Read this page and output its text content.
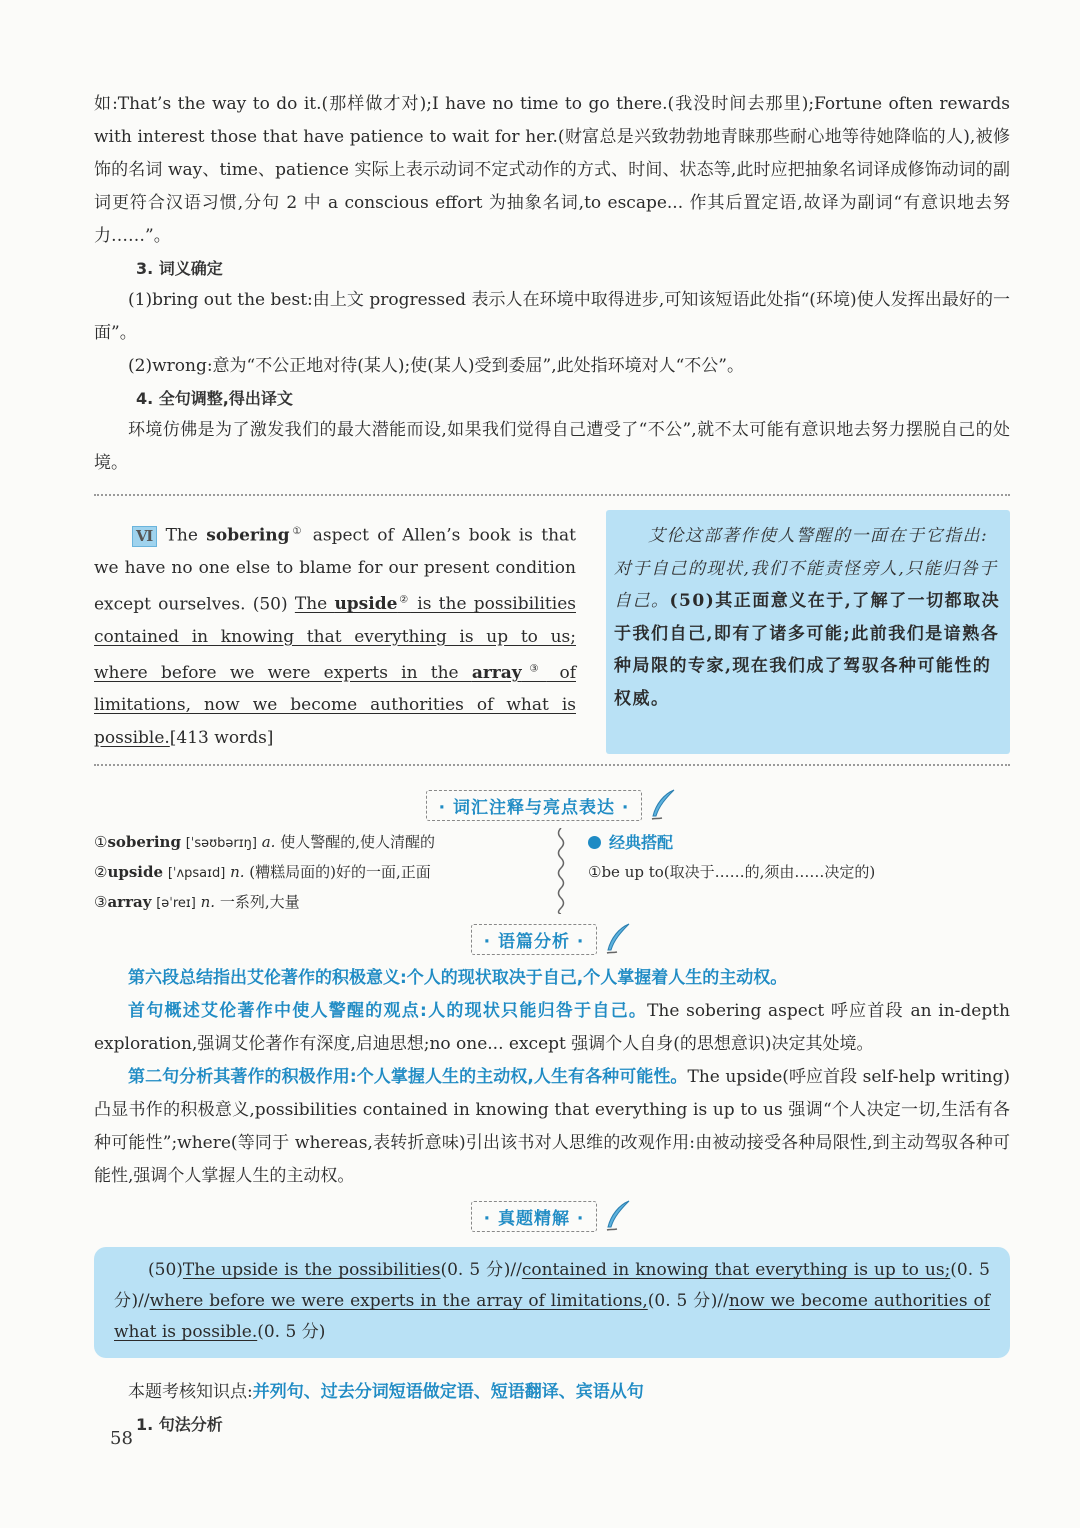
如:That’s the way to do it.(那样做才对);I have no time to go there.(我没时间去那里);Fortune often rewards with interest those that have patience to wait for her.(财富总是兴致勃勃地青睐那些耐心地等待她降临的人),被修饰的名词 way、time、patience 实际上表示动词不定式动作的方式、时间、状态等,此时应把抽象名词译成修饰动词的副词更符合汉语习惯,分句 2 中 a conscious effort 为抽象名词,to escape... 作其后置定语,故译为副词“有意识地去努力……”。

3. 词义确定

(1)bring out the best:由上文 progressed 表示人在环境中取得进步,可知该短语此处指“(环境)使人发挥出最好的一面”。

(2)wrong:意为“不公正地对待(某人);使(某人)受到委屈”,此处指环境对人“不公”。

4. 全句调整,得出译文

环境仿佛是为了激发我们的最大潜能而设,如果我们觉得自己遭受了“不公”,就不太可能有意识地去努力摆脱自己的处境。

Ⅵ The sobering① aspect of Allen’s book is that we have no one else to blame for our present condition except ourselves. (50) The upside② is the possibilities contained in knowing that everything is up to us; where before we were experts in the array③ of limitations, now we become authorities of what is possible.[413 words]
艾伦这部著作使人警醒的一面在于它指出:对于自己的现状,我们不能责怪旁人,只能归咎于自己。(50)其正面意义在于,了解了一切都取决于我们自己,即有了诸多可能;此前我们是谙熟各种局限的专家,现在我们成了驾驭各种可能性的权威。
· 词汇注释与亮点表达 ·
①sobering [ˈsəʊbərɪŋ] a. 使人警醒的,使人清醒的
②upside [ˈʌpsaɪd] n. (糟糕局面的)好的一面,正面
③array [əˈreɪ] n. 一系列,大量
经典搭配
①be up to(取决于……的,须由……决定的)
· 语篇分析 ·

第六段总结指出艾伦著作的积极意义:个人的现状取决于自己,个人掌握着人生的主动权。

首句概述艾伦著作中使人警醒的观点:人的现状只能归咎于自己。The sobering aspect 呼应首段 an in-depth exploration,强调艾伦著作有深度,启迪思想;no one... except 强调个人自身(的思想意识)决定其处境。

第二句分析其著作的积极作用:个人掌握人生的主动权,人生有各种可能性。The upside(呼应首段 self-help writing)凸显书作的积极意义,possibilities contained in knowing that everything is up to us 强调“个人决定一切,生活有各种可能性”;where(等同于 whereas,表转折意味)引出该书对人思维的改观作用:由被动接受各种局限性,到主动驾驭各种可能性,强调个人掌握人生的主动权。

· 真题精解 ·
(50)The upside is the possibilities(0. 5 分)//contained in knowing that everything is up to us;(0. 5 分)//where before we were experts in the array of limitations,(0. 5 分)//now we become authorities of what is possible.(0. 5 分)

本题考核知识点:并列句、过去分词短语做定语、短语翻译、宾语从句

1. 句法分析

58
